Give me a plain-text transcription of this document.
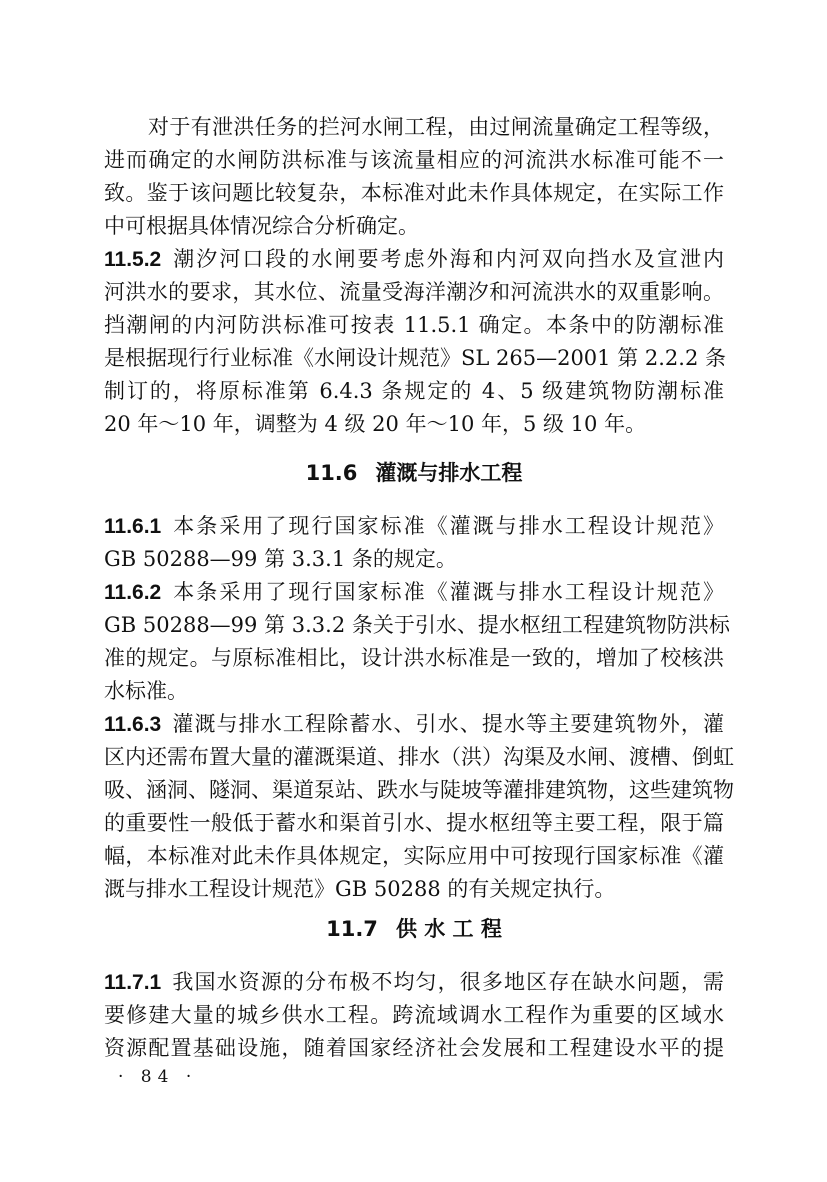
对于有泄洪任务的拦河水闸工程，由过闸流量确定工程等级，
进而确定的水闸防洪标准与该流量相应的河流洪水标准可能不一
致。鉴于该问题比较复杂，本标准对此未作具体规定，在实际工作
中可根据具体情况综合分析确定。
11.5.2 潮汐河口段的水闸要考虑外海和内河双向挡水及宣泄内
河洪水的要求，其水位、流量受海洋潮汐和河流洪水的双重影响。
挡潮闸的内河防洪标准可按表 11.5.1 确定。本条中的防潮标准
是根据现行行业标准《水闸设计规范》SL 265—2001 第 2.2.2 条
制订的，将原标准第 6.4.3 条规定的 4、5 级建筑物防潮标准
20 年～10 年，调整为 4 级 20 年～10 年，5 级 10 年。
11.6 灌溉与排水工程
11.6.1 本条采用了现行国家标准《灌溉与排水工程设计规范》
GB 50288—99 第 3.3.1 条的规定。
11.6.2 本条采用了现行国家标准《灌溉与排水工程设计规范》
GB 50288—99 第 3.3.2 条关于引水、提水枢纽工程建筑物防洪标
准的规定。与原标准相比，设计洪水标准是一致的，增加了校核洪
水标准。
11.6.3 灌溉与排水工程除蓄水、引水、提水等主要建筑物外，灌
区内还需布置大量的灌溉渠道、排水（洪）沟渠及水闸、渡槽、倒虹
吸、涵洞、隧洞、渠道泵站、跌水与陡坡等灌排建筑物，这些建筑物
的重要性一般低于蓄水和渠首引水、提水枢纽等主要工程，限于篇
幅，本标准对此未作具体规定，实际应用中可按现行国家标准《灌
溉与排水工程设计规范》GB 50288 的有关规定执行。
11.7 供 水 工 程
11.7.1 我国水资源的分布极不均匀，很多地区存在缺水问题，需
要修建大量的城乡供水工程。跨流域调水工程作为重要的区域水
资源配置基础设施，随着国家经济社会发展和工程建设水平的提
· 84 ·
